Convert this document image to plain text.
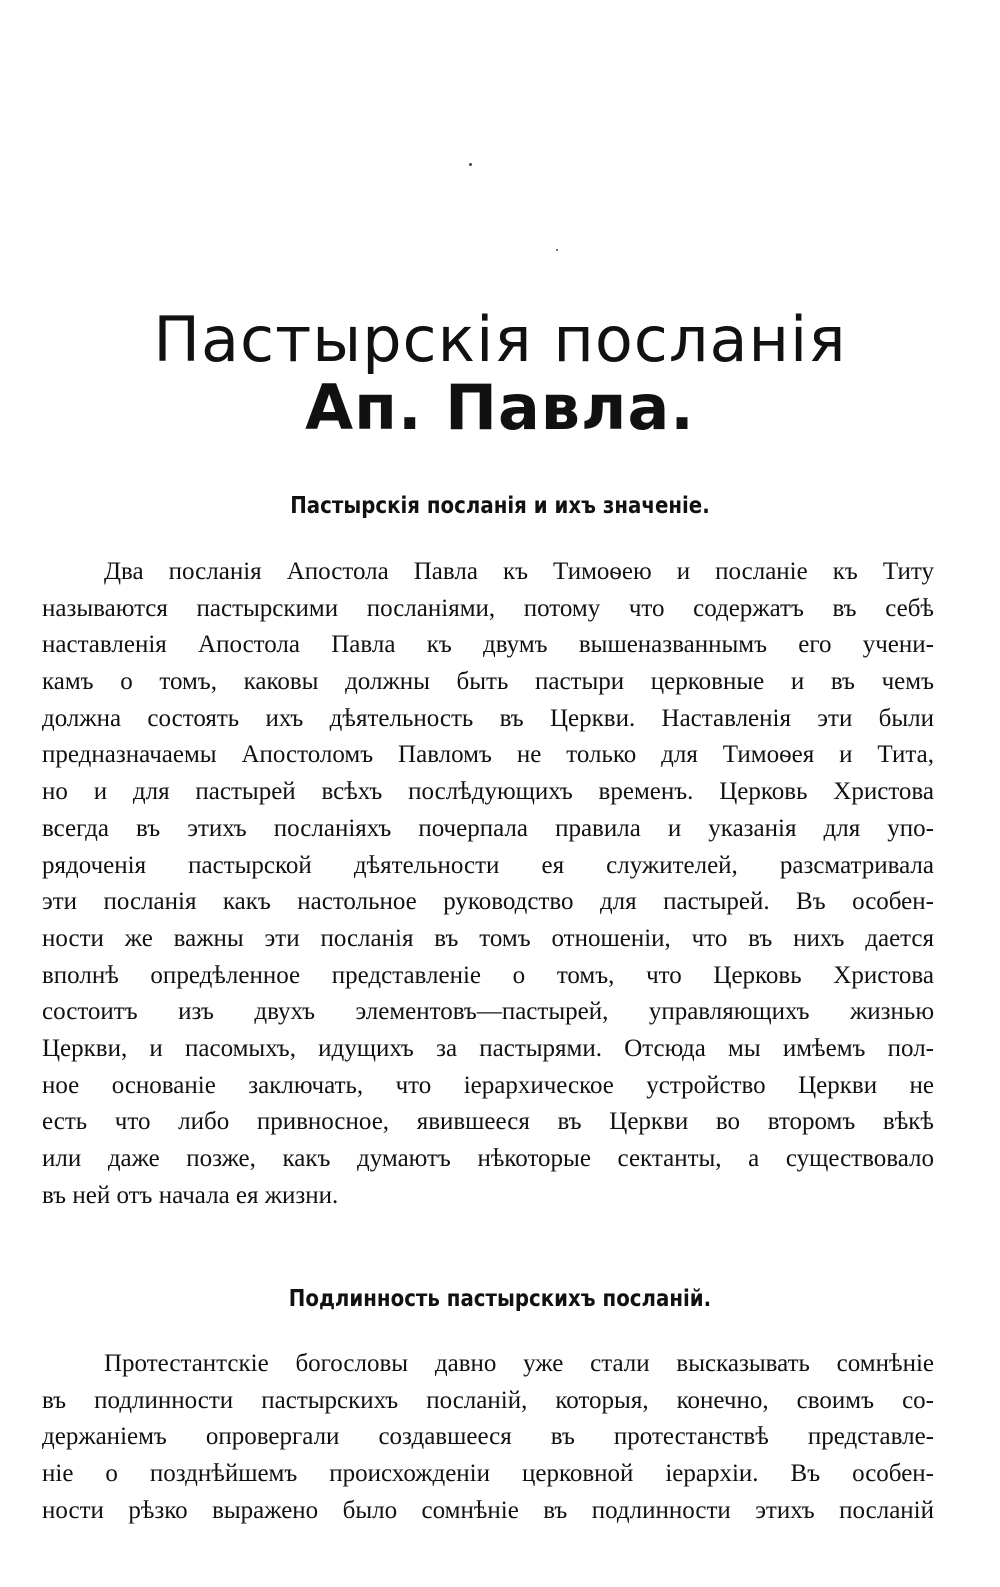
Пастырскія посланія
Ап. Павла.
Пастырскія посланія и ихъ значеніе.
Два посланія Апостола Павла къ Тимоѳею и посланіе къ Титу
называются пастырскими посланіями, потому что содержатъ въ себѣ
наставленія Апостола Павла къ двумъ вышеназваннымъ его учени-
камъ о томъ, каковы должны быть пастыри церковные и въ чемъ
должна состоять ихъ дѣятельность въ Церкви. Наставленія эти были
предназначаемы Апостоломъ Павломъ не только для Тимоѳея и Тита,
но и для пастырей всѣхъ послѣдующихъ временъ. Церковь Христова
всегда въ этихъ посланіяхъ почерпала правила и указанія для упо-
рядоченія пастырской дѣятельности ея служителей, разсматривала
эти посланія какъ настольное руководство для пастырей. Въ особен-
ности же важны эти посланія въ томъ отношеніи, что въ нихъ дается
вполнѣ опредѣленное представленіе о томъ, что Церковь Христова
состоитъ изъ двухъ элементовъ—пастырей, управляющихъ жизнью
Церкви, и пасомыхъ, идущихъ за пастырями. Отсюда мы имѣемъ пол-
ное основаніе заключать, что іерархическое устройство Церкви не
есть что либо привносное, явившееся въ Церкви во второмъ вѣкѣ
или даже позже, какъ думаютъ нѣкоторые сектанты, а существовало
въ ней отъ начала ея жизни.
Подлинность пастырскихъ посланій.
Протестантскіе богословы давно уже стали высказывать сомнѣніе
въ подлинности пастырскихъ посланій, которыя, конечно, своимъ со-
держаніемъ опровергали создавшееся въ протестанствѣ представле-
ніе о позднѣйшемъ происхожденіи церковной іерархіи. Въ особен-
ности рѣзко выражено было сомнѣніе въ подлинности этихъ посланій
